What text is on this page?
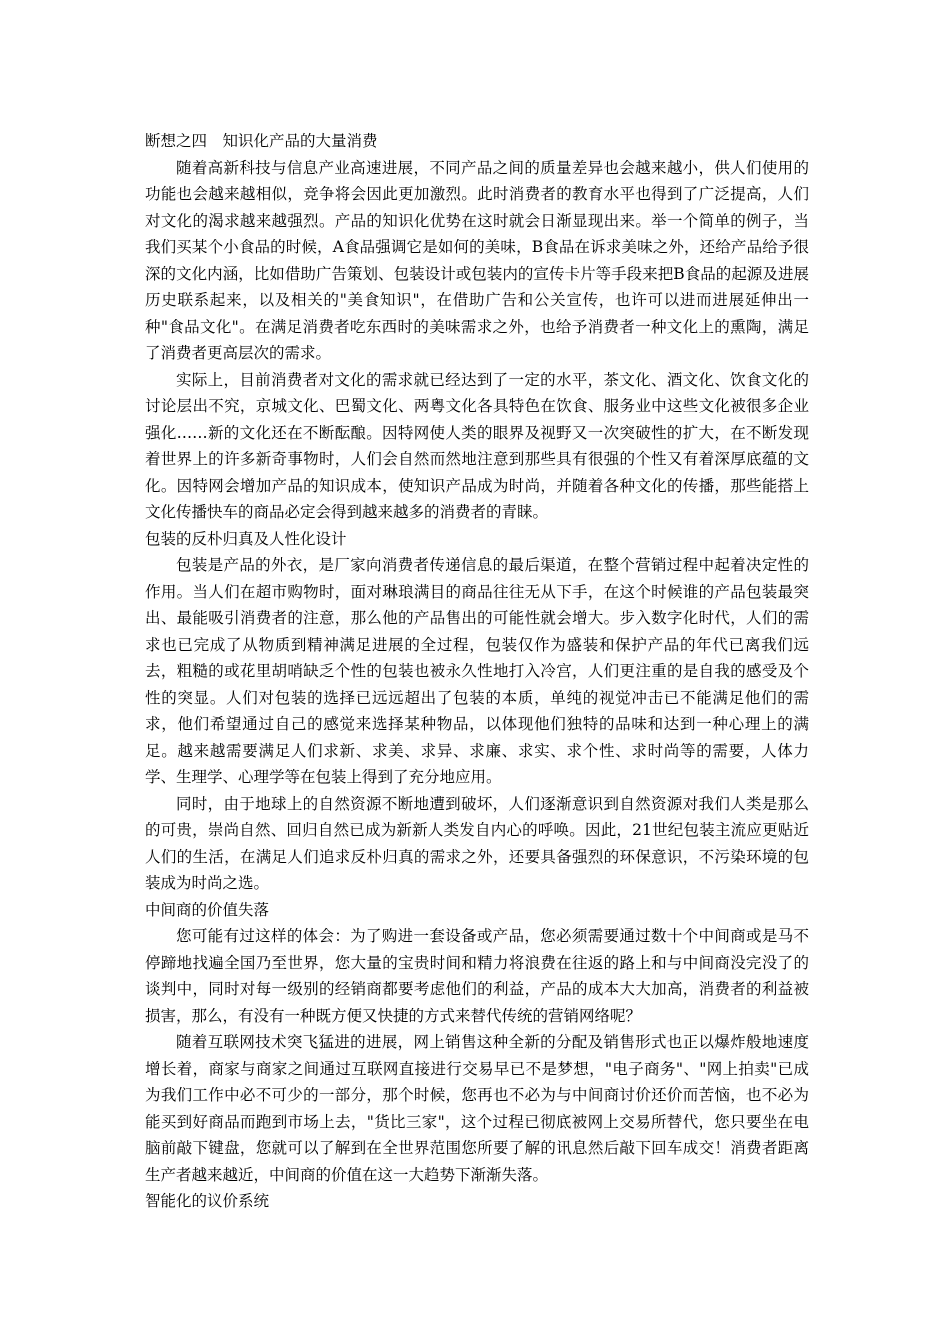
断想之四　知识化产品的大量消费

随着高新科技与信息产业高速进展，不同产品之间的质量差异也会越来越小，供人们使用的功能也会越来越相似，竞争将会因此更加激烈。此时消费者的教育水平也得到了广泛提高，人们对文化的渴求越来越强烈。产品的知识化优势在这时就会日渐显现出来。举一个简单的例子，当我们买某个小食品的时候，A食品强调它是如何的美味，B食品在诉求美味之外，还给产品给予很深的文化内涵，比如借助广告策划、包装设计或包装内的宣传卡片等手段来把B食品的起源及进展历史联系起来，以及相关的"美食知识"，在借助广告和公关宣传，也许可以进而进展延伸出一种"食品文化"。在满足消费者吃东西时的美味需求之外，也给予消费者一种文化上的熏陶，满足了消费者更高层次的需求。

实际上，目前消费者对文化的需求就已经达到了一定的水平，茶文化、酒文化、饮食文化的讨论层出不究，京城文化、巴蜀文化、两粤文化各具特色在饮食、服务业中这些文化被很多企业强化……新的文化还在不断酝酿。因特网使人类的眼界及视野又一次突破性的扩大，在不断发现着世界上的许多新奇事物时，人们会自然而然地注意到那些具有很强的个性又有着深厚底蕴的文化。因特网会增加产品的知识成本，使知识产品成为时尚，并随着各种文化的传播，那些能搭上文化传播快车的商品必定会得到越来越多的消费者的青睐。

包装的反朴归真及人性化设计

包装是产品的外衣，是厂家向消费者传递信息的最后渠道，在整个营销过程中起着决定性的作用。当人们在超市购物时，面对琳琅满目的商品往往无从下手，在这个时候谁的产品包装最突出、最能吸引消费者的注意，那么他的产品售出的可能性就会增大。步入数字化时代，人们的需求也已完成了从物质到精神满足进展的全过程，包装仅作为盛装和保护产品的年代已离我们远去，粗糙的或花里胡哨缺乏个性的包装也被永久性地打入冷宫，人们更注重的是自我的感受及个性的突显。人们对包装的选择已远远超出了包装的本质，单纯的视觉冲击已不能满足他们的需求，他们希望通过自己的感觉来选择某种物品，以体现他们独特的品味和达到一种心理上的满足。越来越需要满足人们求新、求美、求异、求廉、求实、求个性、求时尚等的需要，人体力学、生理学、心理学等在包装上得到了充分地应用。

同时，由于地球上的自然资源不断地遭到破坏，人们逐渐意识到自然资源对我们人类是那么的可贵，崇尚自然、回归自然已成为新新人类发自内心的呼唤。因此，21世纪包装主流应更贴近人们的生活，在满足人们追求反朴归真的需求之外，还要具备强烈的环保意识，不污染环境的包装成为时尚之选。

中间商的价值失落

您可能有过这样的体会：为了购进一套设备或产品，您必须需要通过数十个中间商或是马不停蹄地找遍全国乃至世界，您大量的宝贵时间和精力将浪费在往返的路上和与中间商没完没了的谈判中，同时对每一级别的经销商都要考虑他们的利益，产品的成本大大加高，消费者的利益被损害，那么，有没有一种既方便又快捷的方式来替代传统的营销网络呢？

随着互联网技术突飞猛进的进展，网上销售这种全新的分配及销售形式也正以爆炸般地速度增长着，商家与商家之间通过互联网直接进行交易早已不是梦想，"电子商务"、"网上拍卖"已成为我们工作中必不可少的一部分，那个时候，您再也不必为与中间商讨价还价而苦恼，也不必为能买到好商品而跑到市场上去，"货比三家"，这个过程已彻底被网上交易所替代，您只要坐在电脑前敲下键盘，您就可以了解到在全世界范围您所要了解的讯息然后敲下回车成交！消费者距离生产者越来越近，中间商的价值在这一大趋势下渐渐失落。

智能化的议价系统
